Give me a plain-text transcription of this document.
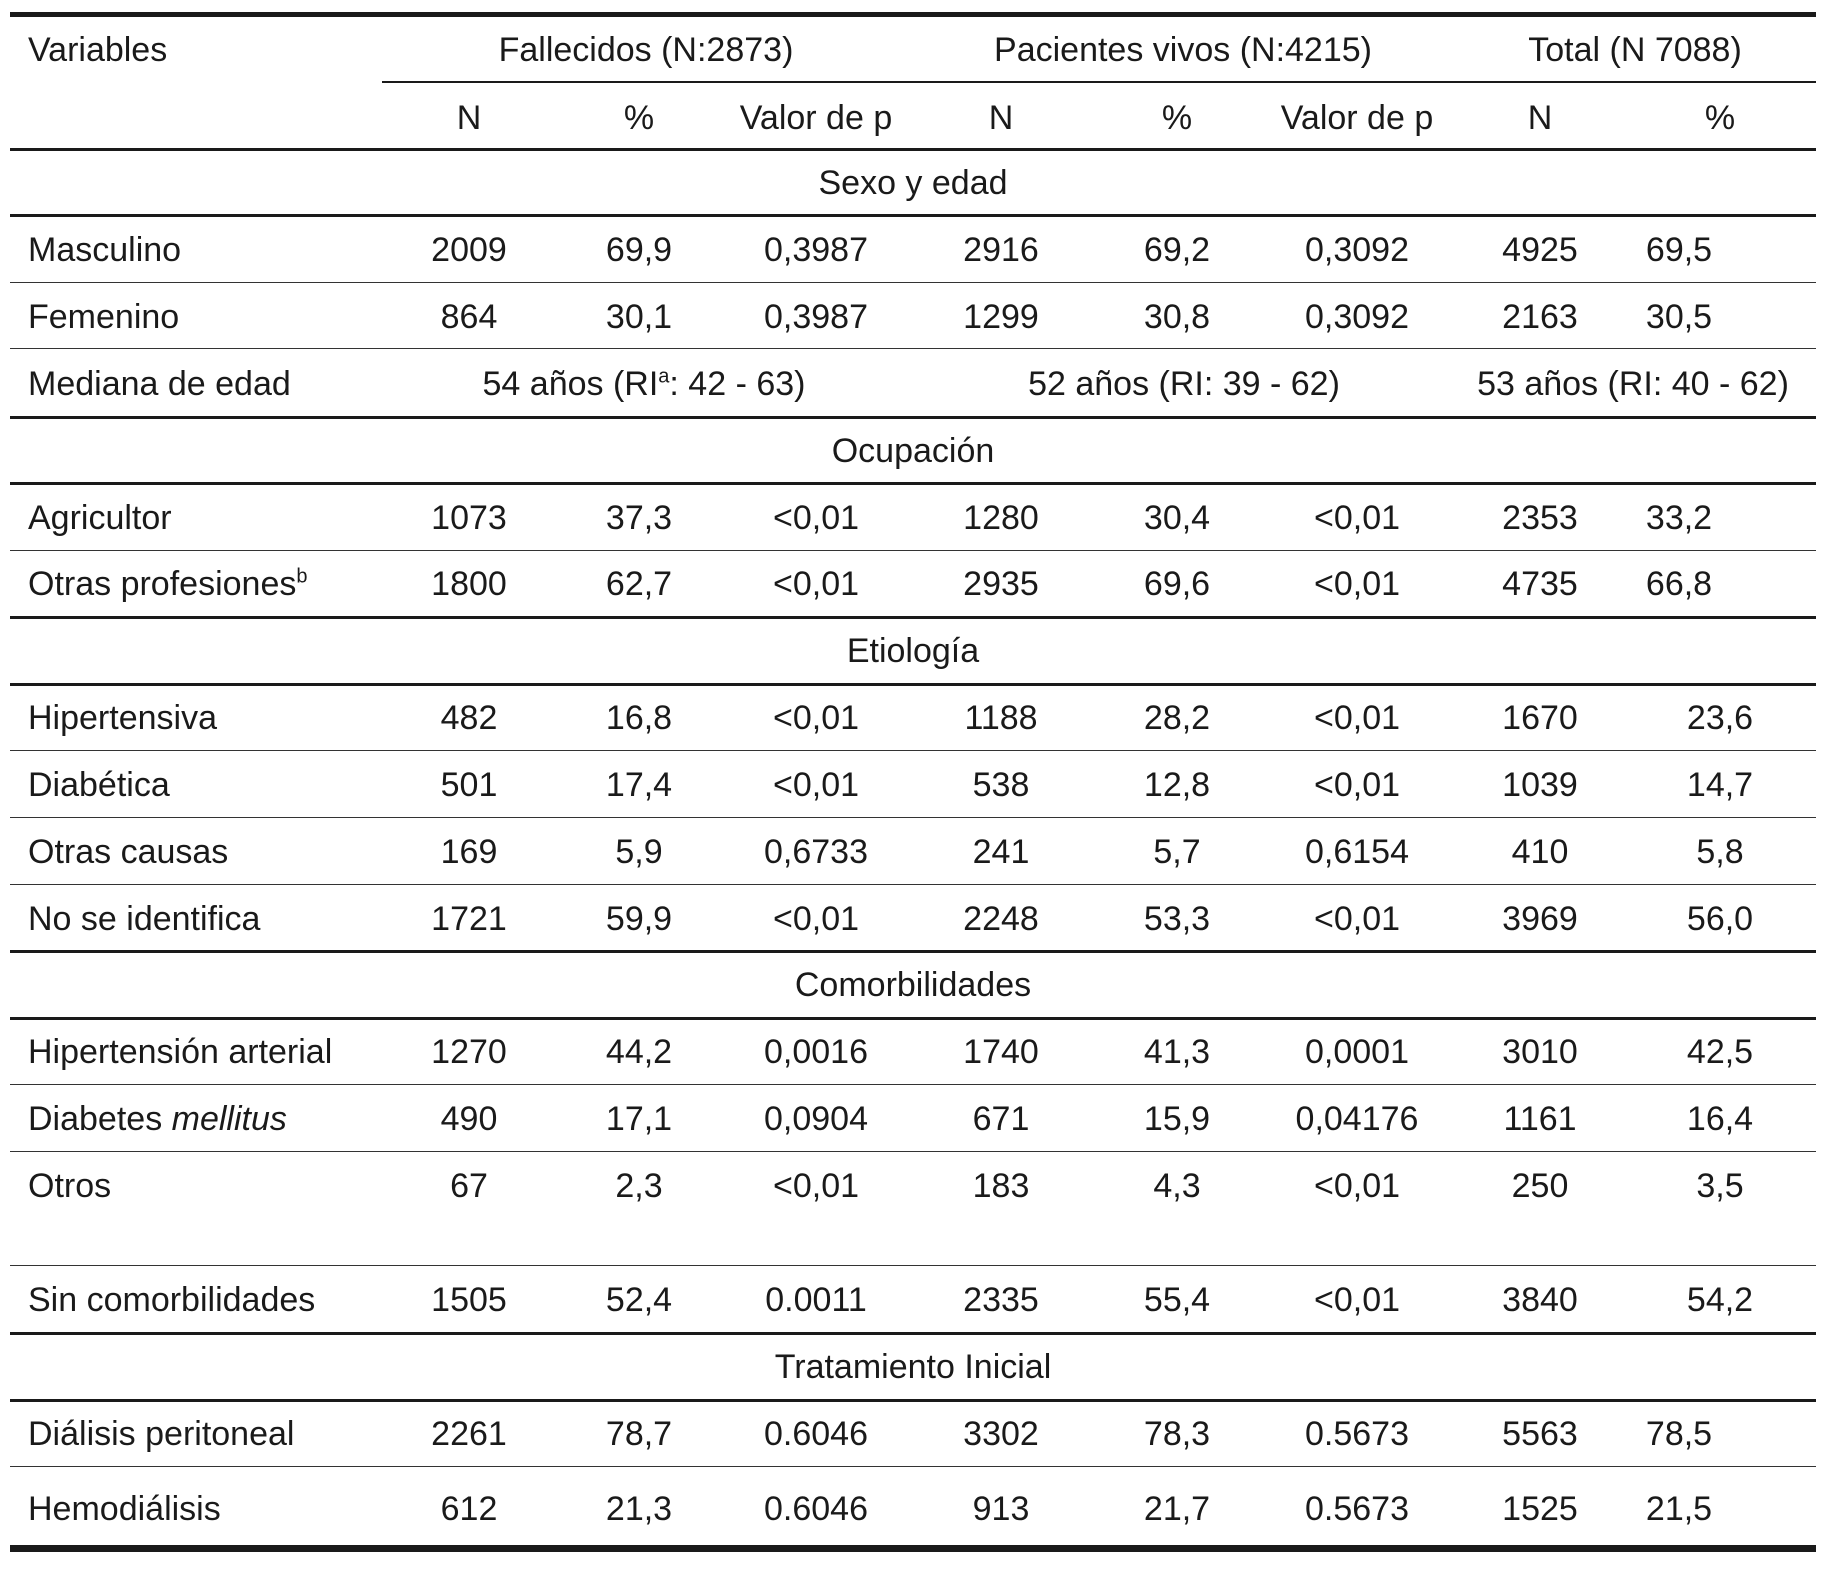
Variables	Fallecidos (N:2873)	Pacientes vivos (N:4215)	Total (N 7088)
N	%	Valor de p	N	%	Valor de p	N	%
Sexo y edad
Masculino	2009	69,9	0,3987	2916	69,2	0,3092	4925 69,5
Femenino	864	30,1	0,3987	1299	30,8	0,3092	2163 30,5
Mediana de edad	54 años ($RI^a$: 42 - 63)	52 años (RI: 39 - 62)	53 años (RI: 40 - 62)
Ocupación
Agricultor	1073	37,3	<0,01	1280	30,4	<0,01	2353 33,2
Otras profesiones$^b$	1800	62,7	<0,01	2935	69,6	<0,01	4735 66,8
Etiología
Hipertensiva	482	16,8	<0,01	1188	28,2	<0,01	1670	23,6
Diabética	501	17,4	<0,01	538	12,8	<0,01	1039	14,7
Otras causas	169	5,9	0,6733	241	5,7	0,6154	410	5,8
No se identifica	1721	59,9	<0,01	2248	53,3	<0,01	3969	56,0
Comorbilidades
Hipertensión arterial	1270	44,2	0,0016	1740	41,3	0,0001	3010	42,5
Diabetes mellitus	490	17,1	0,0904	671	15,9	0,04176 1161	16,4
Otros	67	2,3	<0,01	183	4,3	<0,01	250	3,5
Sin comorbilidades	1505	52,4	0.0011	2335	55,4	<0,01	3840	54,2
Tratamiento Inicial
Diálisis peritoneal	2261	78,7	0.6046	3302	78,3	0.5673	5563 78,5
Hemodiálisis	612	21,3	0.6046	913	21,7	0.5673	1525 21,5
